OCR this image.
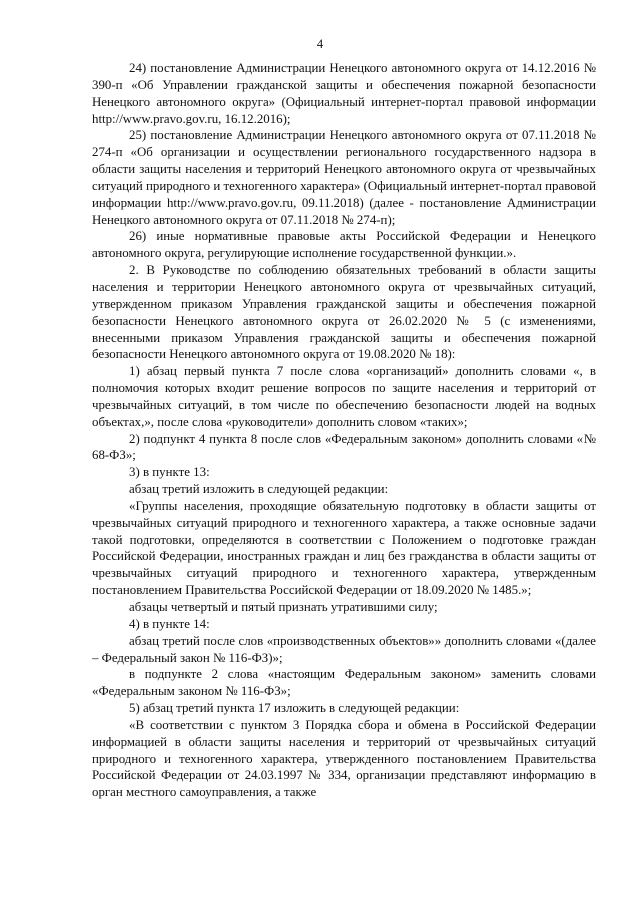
4

24) постановление Администрации Ненецкого автономного округа от 14.12.2016 № 390-п «Об Управлении гражданской защиты и обеспечения пожарной безопасности Ненецкого автономного округа» (Официальный интернет-портал правовой информации http://www.pravo.gov.ru, 16.12.2016);

25) постановление Администрации Ненецкого автономного округа от 07.11.2018 № 274-п «Об организации и осуществлении регионального государственного надзора в области защиты населения и территорий Ненецкого автономного округа от чрезвычайных ситуаций природного и техногенного характера» (Официальный интернет-портал правовой информации http://www.pravo.gov.ru, 09.11.2018) (далее - постановление Администрации Ненецкого автономного округа от 07.11.2018 № 274-п);

26) иные нормативные правовые акты Российской Федерации и Ненецкого автономного округа, регулирующие исполнение государственной функции.».

2. В Руководстве по соблюдению обязательных требований в области защиты населения и территории Ненецкого автономного округа от чрезвычайных ситуаций, утвержденном приказом Управления гражданской защиты и обеспечения пожарной безопасности Ненецкого автономного округа от 26.02.2020 № 5 (с изменениями, внесенными приказом Управления гражданской защиты и обеспечения пожарной безопасности Ненецкого автономного округа от 19.08.2020 № 18):

1) абзац первый пункта 7 после слова «организаций» дополнить словами «, в полномочия которых входит решение вопросов по защите населения и территорий от чрезвычайных ситуаций, в том числе по обеспечению безопасности людей на водных объектах,», после слова «руководители» дополнить словом «таких»;

2) подпункт 4 пункта 8 после слов «Федеральным законом» дополнить словами «№ 68-ФЗ»;

3) в пункте 13:

абзац третий изложить в следующей редакции:

«Группы населения, проходящие обязательную подготовку в области защиты от чрезвычайных ситуаций природного и техногенного характера, а также основные задачи такой подготовки, определяются в соответствии с Положением о подготовке граждан Российской Федерации, иностранных граждан и лиц без гражданства в области защиты от чрезвычайных ситуаций природного и техногенного характера, утвержденным постановлением Правительства Российской Федерации от 18.09.2020 № 1485.»;

абзацы четвертый и пятый признать утратившими силу;

4) в пункте 14:

абзац третий после слов «производственных объектов»» дополнить словами «(далее – Федеральный закон № 116-ФЗ)»;

в подпункте 2 слова «настоящим Федеральным законом» заменить словами «Федеральным законом № 116-ФЗ»;

5) абзац третий пункта 17 изложить в следующей редакции:

«В соответствии с пунктом 3 Порядка сбора и обмена в Российской Федерации информацией в области защиты населения и территорий от чрезвычайных ситуаций природного и техногенного характера, утвержденного постановлением Правительства Российской Федерации от 24.03.1997 № 334, организации представляют информацию в орган местного самоуправления, а также
